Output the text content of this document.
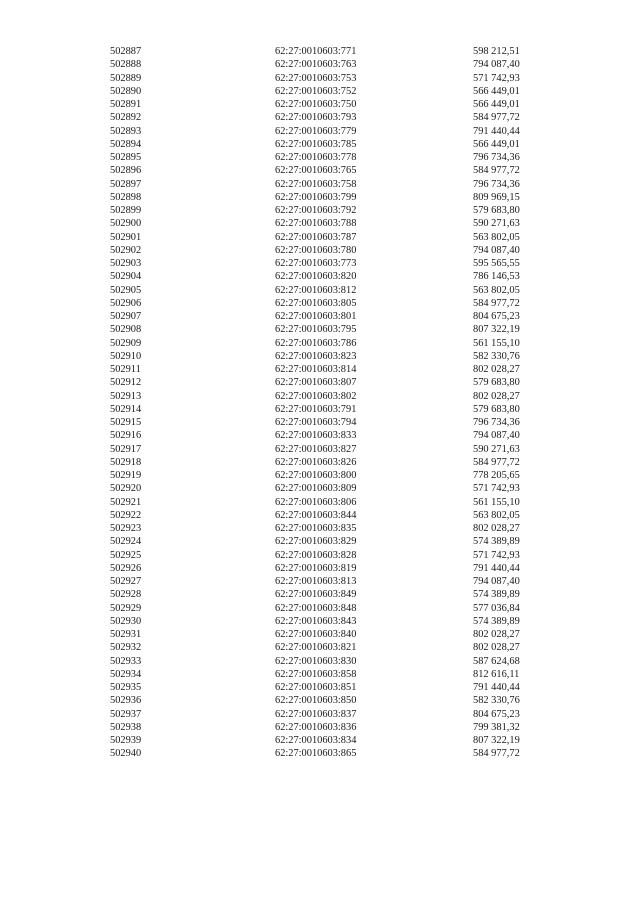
502887	62:27:0010603:771	598 212,51
502888	62:27:0010603:763	794 087,40
502889	62:27:0010603:753	571 742,93
502890	62:27:0010603:752	566 449,01
502891	62:27:0010603:750	566 449,01
502892	62:27:0010603:793	584 977,72
502893	62:27:0010603:779	791 440,44
502894	62:27:0010603:785	566 449,01
502895	62:27:0010603:778	796 734,36
502896	62:27:0010603:765	584 977,72
502897	62:27:0010603:758	796 734,36
502898	62:27:0010603:799	809 969,15
502899	62:27:0010603:792	579 683,80
502900	62:27:0010603:788	590 271,63
502901	62:27:0010603:787	563 802,05
502902	62:27:0010603:780	794 087,40
502903	62:27:0010603:773	595 565,55
502904	62:27:0010603:820	786 146,53
502905	62:27:0010603:812	563 802,05
502906	62:27:0010603:805	584 977,72
502907	62:27:0010603:801	804 675,23
502908	62:27:0010603:795	807 322,19
502909	62:27:0010603:786	561 155,10
502910	62:27:0010603:823	582 330,76
502911	62:27:0010603:814	802 028,27
502912	62:27:0010603:807	579 683,80
502913	62:27:0010603:802	802 028,27
502914	62:27:0010603:791	579 683,80
502915	62:27:0010603:794	796 734,36
502916	62:27:0010603:833	794 087,40
502917	62:27:0010603:827	590 271,63
502918	62:27:0010603:826	584 977,72
502919	62:27:0010603:800	778 205,65
502920	62:27:0010603:809	571 742,93
502921	62:27:0010603:806	561 155,10
502922	62:27:0010603:844	563 802,05
502923	62:27:0010603:835	802 028,27
502924	62:27:0010603:829	574 389,89
502925	62:27:0010603:828	571 742,93
502926	62:27:0010603:819	791 440,44
502927	62:27:0010603:813	794 087,40
502928	62:27:0010603:849	574 389,89
502929	62:27:0010603:848	577 036,84
502930	62:27:0010603:843	574 389,89
502931	62:27:0010603:840	802 028,27
502932	62:27:0010603:821	802 028,27
502933	62:27:0010603:830	587 624,68
502934	62:27:0010603:858	812 616,11
502935	62:27:0010603:851	791 440,44
502936	62:27:0010603:850	582 330,76
502937	62:27:0010603:837	804 675,23
502938	62:27:0010603:836	799 381,32
502939	62:27:0010603:834	807 322,19
502940	62:27:0010603:865	584 977,72
